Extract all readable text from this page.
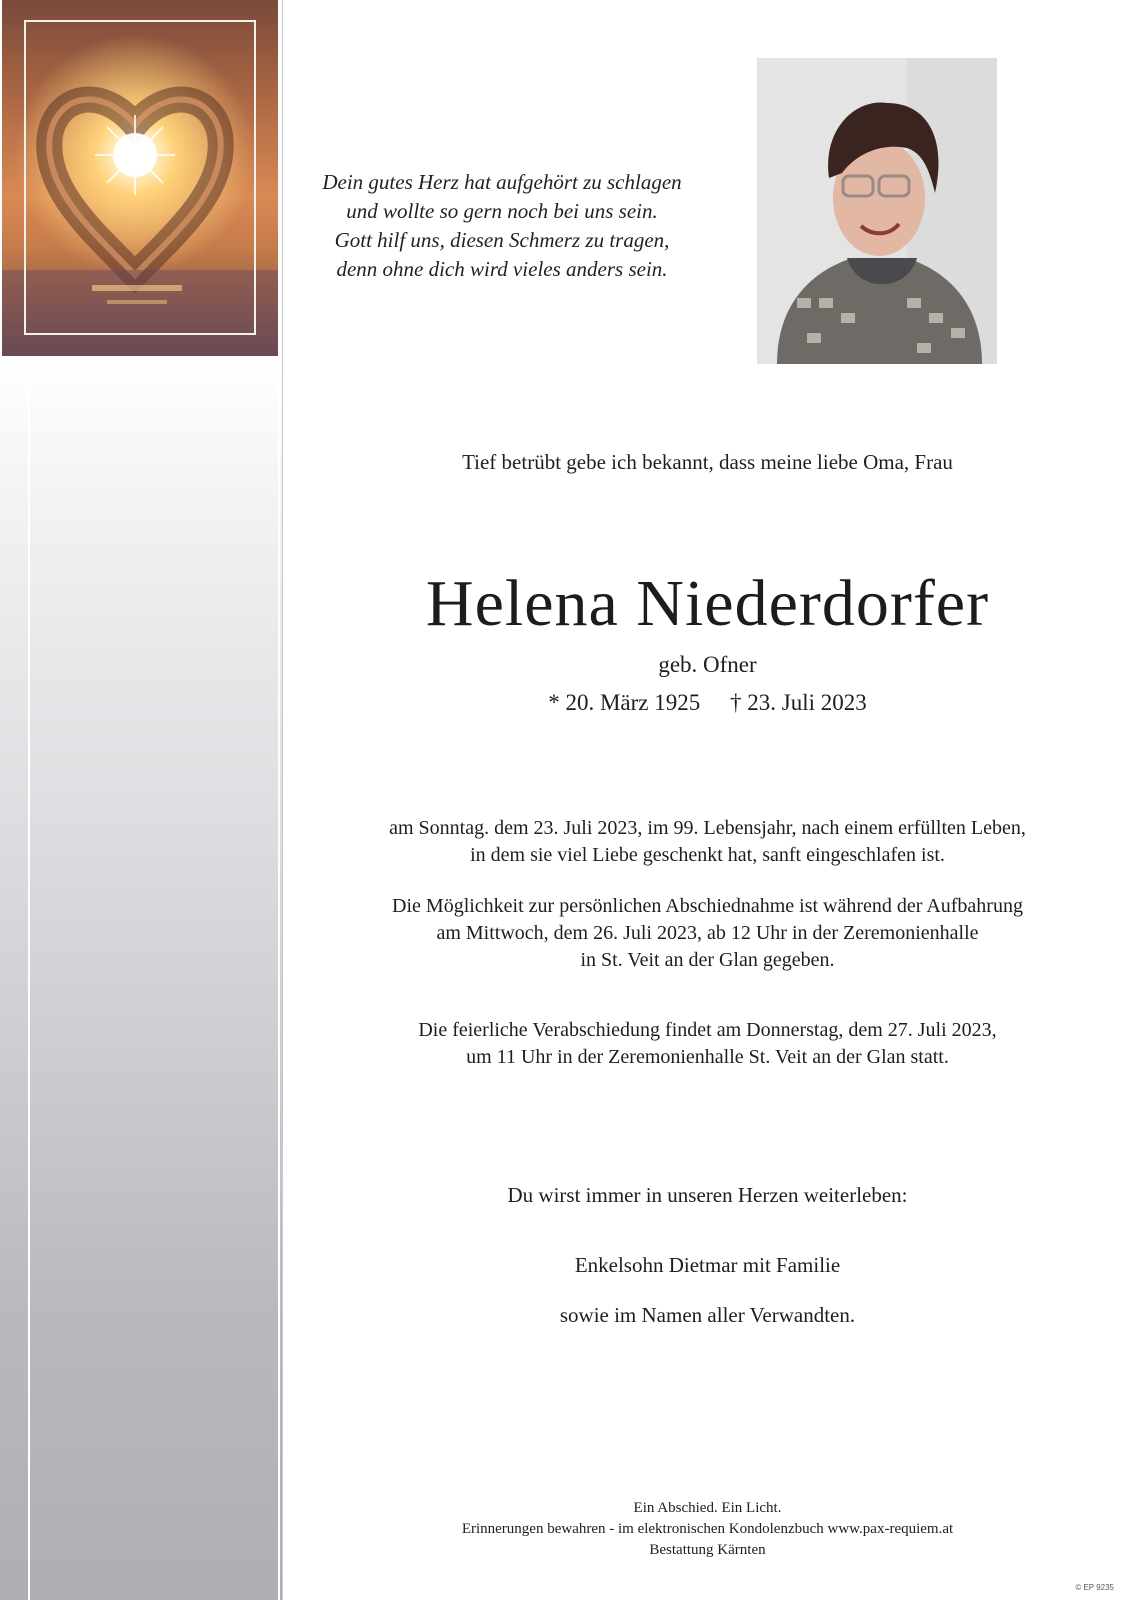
Dein gutes Herz hat aufgehört zu schlagen
und wollte so gern noch bei uns sein.
Gott hilf uns, diesen Schmerz zu tragen,
denn ohne dich wird vieles anders sein.
Tief betrübt gebe ich bekannt, dass meine liebe Oma, Frau
Helena Niederdorfer
geb. Ofner
* 20. März 1925 † 23. Juli 2023
am Sonntag. dem 23. Juli 2023, im 99. Lebensjahr, nach einem erfüllten Leben,
in dem sie viel Liebe geschenkt hat, sanft eingeschlafen ist.
Die Möglichkeit zur persönlichen Abschiednahme ist während der Aufbahrung
am Mittwoch, dem 26. Juli 2023, ab 12 Uhr in der Zeremonienhalle
in St. Veit an der Glan gegeben.
Die feierliche Verabschiedung findet am Donnerstag, dem 27. Juli 2023,
um 11 Uhr in der Zeremonienhalle St. Veit an der Glan statt.
Du wirst immer in unseren Herzen weiterleben:
Enkelsohn Dietmar mit Familie
sowie im Namen aller Verwandten.
Ein Abschied. Ein Licht.
Erinnerungen bewahren - im elektronischen Kondolenzbuch www.pax-requiem.at
Bestattung Kärnten
© EP 9235
